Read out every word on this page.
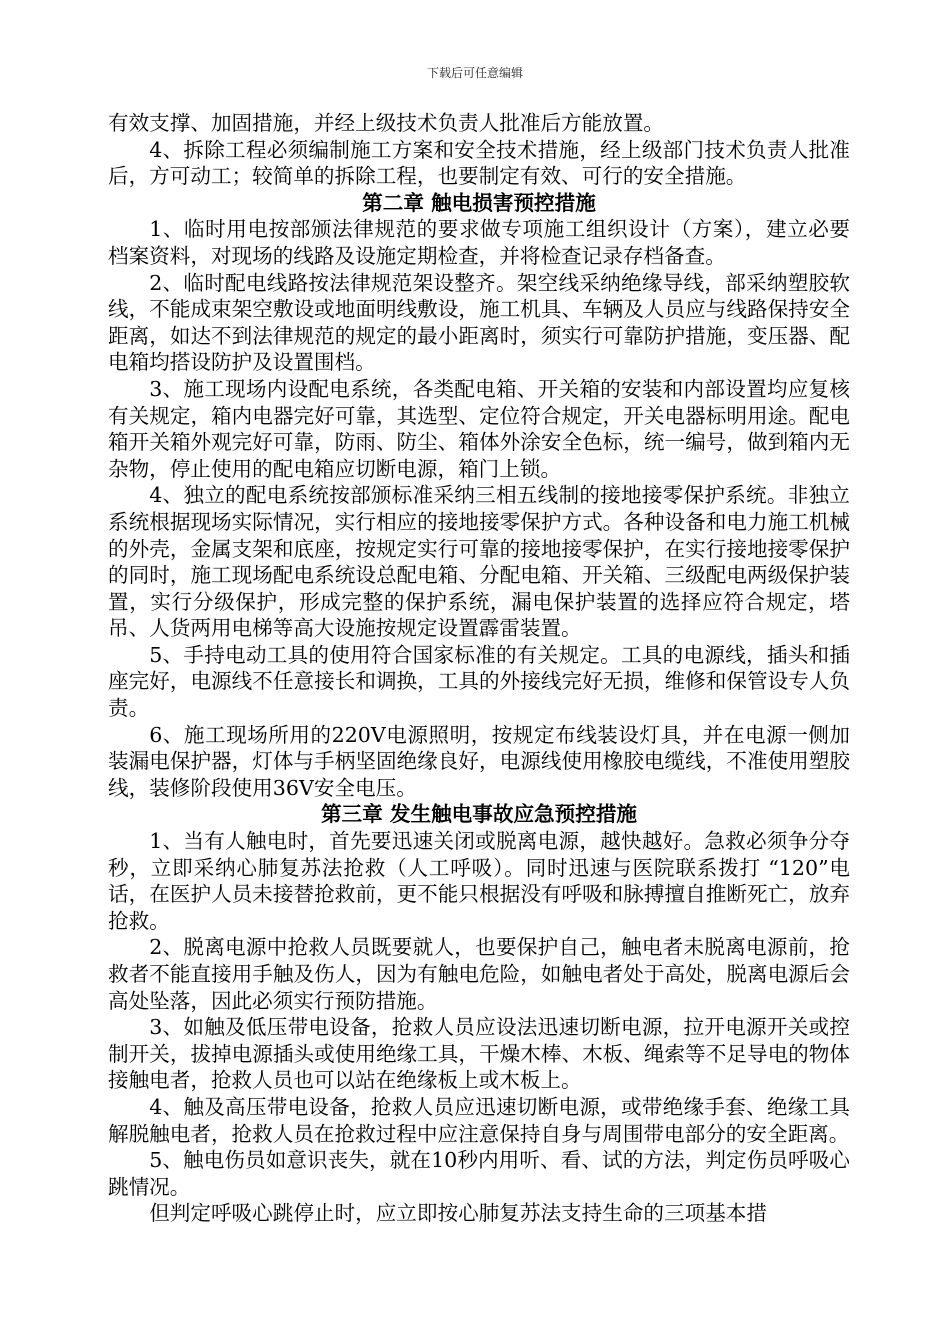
下载后可任意编辑

有效支撑、加固措施，并经上级技术负责人批准后方能放置。

4、拆除工程必须编制施工方案和安全技术措施，经上级部门技术负责人批准后，方可动工；较简单的拆除工程，也要制定有效、可行的安全措施。

第二章 触电损害预控措施

1、临时用电按部颁法律规范的要求做专项施工组织设计（方案），建立必要档案资料，对现场的线路及设施定期检查，并将检查记录存档备查。

2、临时配电线路按法律规范架设整齐。架空线采纳绝缘导线，部采纳塑胶软线，不能成束架空敷设或地面明线敷设，施工机具、车辆及人员应与线路保持安全距离，如达不到法律规范的规定的最小距离时，须实行可靠防护措施，变压器、配电箱均搭设防护及设置围档。

3、施工现场内设配电系统，各类配电箱、开关箱的安装和内部设置均应复核有关规定，箱内电器完好可靠，其选型、定位符合规定，开关电器标明用途。配电箱开关箱外观完好可靠，防雨、防尘、箱体外涂安全色标，统一编号，做到箱内无杂物，停止使用的配电箱应切断电源，箱门上锁。

4、独立的配电系统按部颁标准采纳三相五线制的接地接零保护系统。非独立系统根据现场实际情况，实行相应的接地接零保护方式。各种设备和电力施工机械的外壳，金属支架和底座，按规定实行可靠的接地接零保护，在实行接地接零保护的同时，施工现场配电系统设总配电箱、分配电箱、开关箱、三级配电两级保护装置，实行分级保护，形成完整的保护系统，漏电保护装置的选择应符合规定，塔吊、人货两用电梯等高大设施按规定设置霹雷装置。

5、手持电动工具的使用符合国家标准的有关规定。工具的电源线，插头和插座完好，电源线不任意接长和调换，工具的外接线完好无损，维修和保管设专人负责。

6、施工现场所用的220V电源照明，按规定布线装设灯具，并在电源一侧加装漏电保护器，灯体与手柄坚固绝缘良好，电源线使用橡胶电缆线，不准使用塑胶线，装修阶段使用36V安全电压。

第三章 发生触电事故应急预控措施

1、当有人触电时，首先要迅速关闭或脱离电源，越快越好。急救必须争分夺秒，立即采纳心肺复苏法抢救（人工呼吸）。同时迅速与医院联系拨打 “120”电话，在医护人员未接替抢救前，更不能只根据没有呼吸和脉搏擅自推断死亡，放弃抢救。

2、脱离电源中抢救人员既要就人，也要保护自己，触电者未脱离电源前，抢救者不能直接用手触及伤人，因为有触电危险，如触电者处于高处，脱离电源后会高处坠落，因此必须实行预防措施。

3、如触及低压带电设备，抢救人员应设法迅速切断电源，拉开电源开关或控制开关，拔掉电源插头或使用绝缘工具，干燥木棒、木板、绳索等不足导电的物体接触电者，抢救人员也可以站在绝缘板上或木板上。

4、触及高压带电设备，抢救人员应迅速切断电源，或带绝缘手套、绝缘工具解脱触电者，抢救人员在抢救过程中应注意保持自身与周围带电部分的安全距离。

5、触电伤员如意识丧失，就在10秒内用听、看、试的方法，判定伤员呼吸心跳情况。

但判定呼吸心跳停止时，应立即按心肺复苏法支持生命的三项基本措
